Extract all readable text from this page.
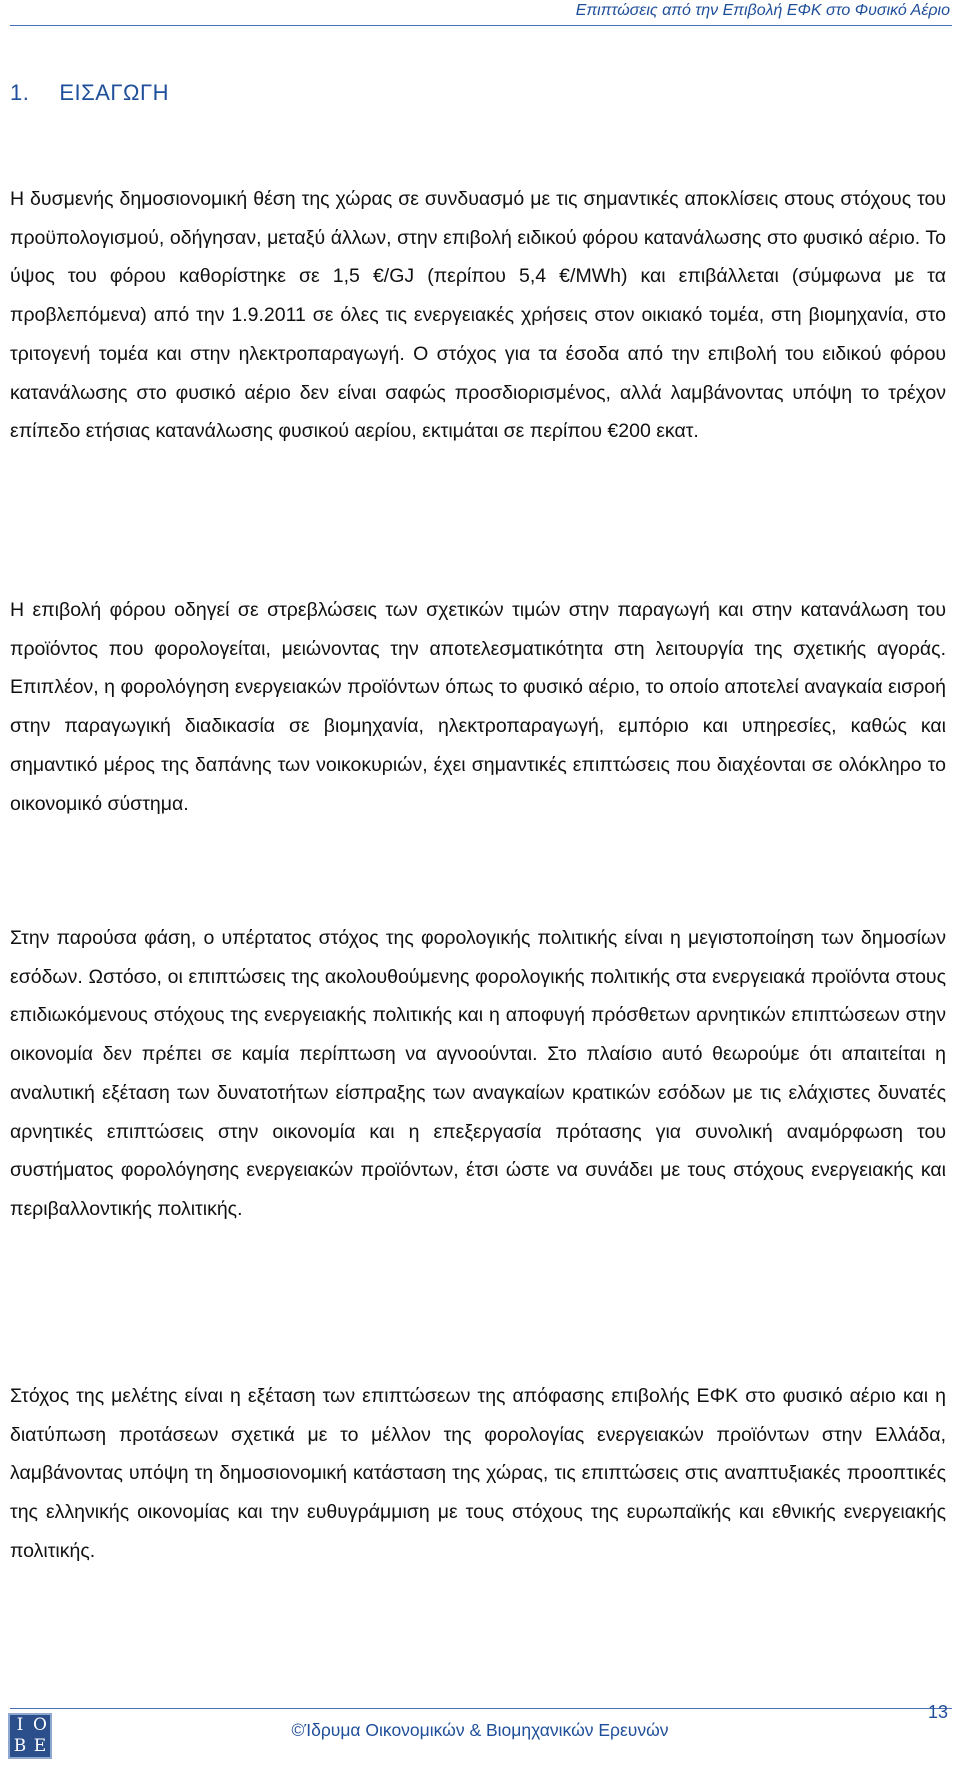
Επιπτώσεις από την Επιβολή ΕΦΚ στο Φυσικό Αέριο
1. ΕΙΣΑΓΩΓΗ

Η δυσμενής δημοσιονομική θέση της χώρας σε συνδυασμό με τις σημαντικές αποκλίσεις στους στόχους του προϋπολογισμού, οδήγησαν, μεταξύ άλλων, στην επιβολή ειδικού φόρου κατανάλωσης στο φυσικό αέριο. Το ύψος του φόρου καθορίστηκε σε 1,5 €/GJ (περίπου 5,4 €/MWh) και επιβάλλεται (σύμφωνα με τα προβλεπόμενα) από την 1.9.2011 σε όλες τις ενεργειακές χρήσεις στον οικιακό τομέα, στη βιομηχανία, στο τριτογενή τομέα και στην ηλεκτροπαραγωγή. Ο στόχος για τα έσοδα από την επιβολή του ειδικού φόρου κατανάλωσης στο φυσικό αέριο δεν είναι σαφώς προσδιορισμένος, αλλά λαμβάνοντας υπόψη το τρέχον επίπεδο ετήσιας κατανάλωσης φυσικού αερίου, εκτιμάται σε περίπου €200 εκατ.

Η επιβολή φόρου οδηγεί σε στρεβλώσεις των σχετικών τιμών στην παραγωγή και στην κατανάλωση του προϊόντος που φορολογείται, μειώνοντας την αποτελεσματικότητα στη λειτουργία της σχετικής αγοράς. Επιπλέον, η φορολόγηση ενεργειακών προϊόντων όπως το φυσικό αέριο, το οποίο αποτελεί αναγκαία εισροή στην παραγωγική διαδικασία σε βιομηχανία, ηλεκτροπαραγωγή, εμπόριο και υπηρεσίες, καθώς και σημαντικό μέρος της δαπάνης των νοικοκυριών, έχει σημαντικές επιπτώσεις που διαχέονται σε ολόκληρο το οικονομικό σύστημα.

Στην παρούσα φάση, ο υπέρτατος στόχος της φορολογικής πολιτικής είναι η μεγιστοποίηση των δημοσίων εσόδων. Ωστόσο, οι επιπτώσεις της ακολουθούμενης φορολογικής πολιτικής στα ενεργειακά προϊόντα στους επιδιωκόμενους στόχους της ενεργειακής πολιτικής και η αποφυγή πρόσθετων αρνητικών επιπτώσεων στην οικονομία δεν πρέπει σε καμία περίπτωση να αγνοούνται. Στο πλαίσιο αυτό θεωρούμε ότι απαιτείται η αναλυτική εξέταση των δυνατοτήτων είσπραξης των αναγκαίων κρατικών εσόδων με τις ελάχιστες δυνατές αρνητικές επιπτώσεις στην οικονομία και η επεξεργασία πρότασης για συνολική αναμόρφωση του συστήματος φορολόγησης ενεργειακών προϊόντων, έτσι ώστε να συνάδει με τους στόχους ενεργειακής και περιβαλλοντικής πολιτικής.

Στόχος της μελέτης είναι η εξέταση των επιπτώσεων της απόφασης επιβολής ΕΦΚ στο φυσικό αέριο και η διατύπωση προτάσεων σχετικά με το μέλλον της φορολογίας ενεργειακών προϊόντων στην Ελλάδα, λαμβάνοντας υπόψη τη δημοσιονομική κατάσταση της χώρας, τις επιπτώσεις στις αναπτυξιακές προοπτικές της ελληνικής οικονομίας και την ευθυγράμμιση με τους στόχους της ευρωπαϊκής και εθνικής ενεργειακής πολιτικής.

Ι Ο
Β Ε
©Ίδρυμα Οικονομικών & Βιομηχανικών Ερευνών
13
